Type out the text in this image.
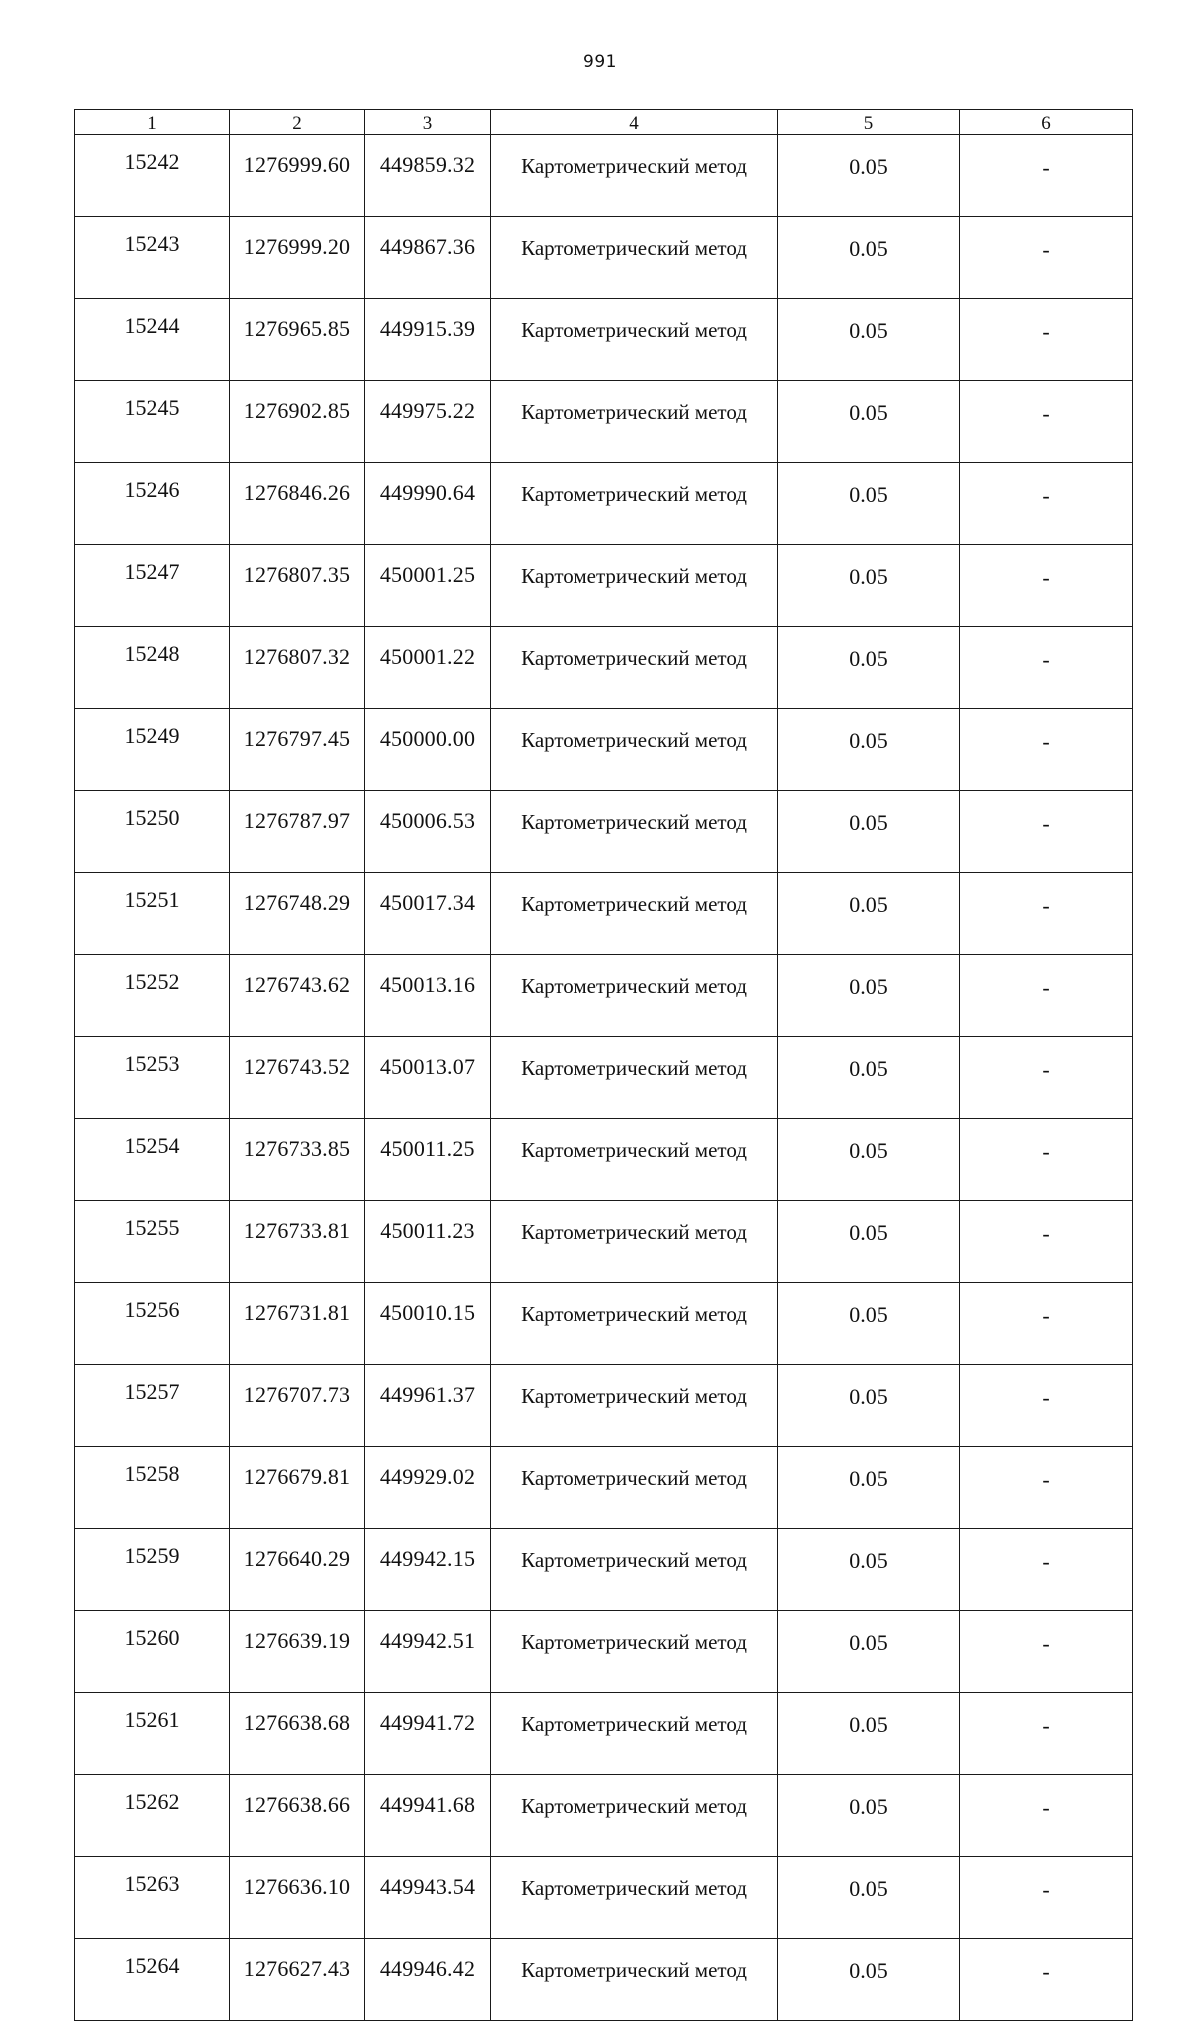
991
1	2	3	4	5	6
15242	1276999.60	449859.32	Картометрический метод	0.05	-
15243	1276999.20	449867.36	Картометрический метод	0.05	-
15244	1276965.85	449915.39	Картометрический метод	0.05	-
15245	1276902.85	449975.22	Картометрический метод	0.05	-
15246	1276846.26	449990.64	Картометрический метод	0.05	-
15247	1276807.35	450001.25	Картометрический метод	0.05	-
15248	1276807.32	450001.22	Картометрический метод	0.05	-
15249	1276797.45	450000.00	Картометрический метод	0.05	-
15250	1276787.97	450006.53	Картометрический метод	0.05	-
15251	1276748.29	450017.34	Картометрический метод	0.05	-
15252	1276743.62	450013.16	Картометрический метод	0.05	-
15253	1276743.52	450013.07	Картометрический метод	0.05	-
15254	1276733.85	450011.25	Картометрический метод	0.05	-
15255	1276733.81	450011.23	Картометрический метод	0.05	-
15256	1276731.81	450010.15	Картометрический метод	0.05	-
15257	1276707.73	449961.37	Картометрический метод	0.05	-
15258	1276679.81	449929.02	Картометрический метод	0.05	-
15259	1276640.29	449942.15	Картометрический метод	0.05	-
15260	1276639.19	449942.51	Картометрический метод	0.05	-
15261	1276638.68	449941.72	Картометрический метод	0.05	-
15262	1276638.66	449941.68	Картометрический метод	0.05	-
15263	1276636.10	449943.54	Картометрический метод	0.05	-
15264	1276627.43	449946.42	Картометрический метод	0.05	-
